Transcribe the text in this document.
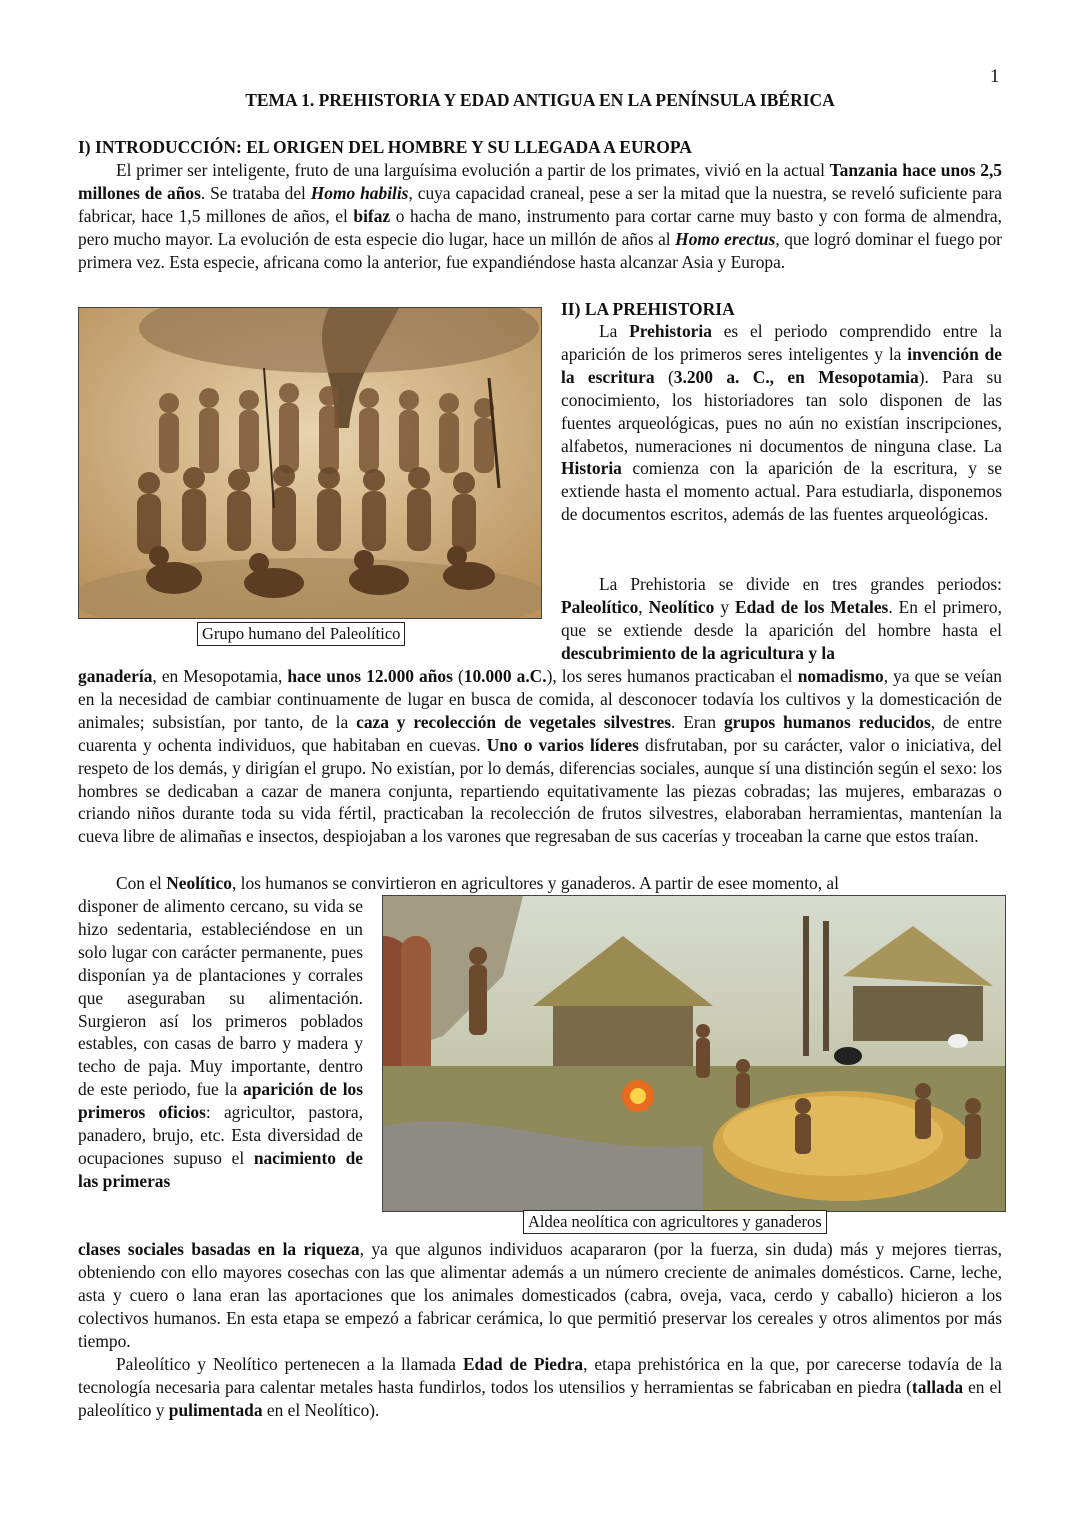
1
TEMA 1. PREHISTORIA Y EDAD ANTIGUA EN LA PENÍNSULA IBÉRICA
I) INTRODUCCIÓN: EL ORIGEN DEL HOMBRE Y SU LLEGADA A EUROPA
El primer ser inteligente, fruto de una larguísima evolución a partir de los primates, vivió en la actual Tanzania hace unos 2,5 millones de años. Se trataba del Homo habilis, cuya capacidad craneal, pese a ser la mitad que la nuestra, se reveló suficiente para fabricar, hace 1,5 millones de años, el bifaz o hacha de mano, instrumento para cortar carne muy basto y con forma de almendra, pero mucho mayor. La evolución de esta especie dio lugar, hace un millón de años al Homo erectus, que logró dominar el fuego por primera vez. Esta especie, africana como la anterior, fue expandiéndose hasta alcanzar Asia y Europa.
Grupo humano del Paleolítico
II) LA PREHISTORIA
La Prehistoria es el periodo comprendido entre la aparición de los primeros seres inteligentes y la invención de la escritura (3.200 a. C., en Mesopotamia). Para su conocimiento, los historiadores tan solo disponen de las fuentes arqueológicas, pues no aún no existían inscripciones, alfabetos, numeraciones ni documentos de ninguna clase. La Historia comienza con la aparición de la escritura, y se extiende hasta el momento actual. Para estudiarla, disponemos de documentos escritos, además de las fuentes arqueológicas.
La Prehistoria se divide en tres grandes periodos: Paleolítico, Neolítico y Edad de los Metales. En el primero, que se extiende desde la aparición del hombre hasta el descubrimiento de la agricultura y la
ganadería, en Mesopotamia, hace unos 12.000 años (10.000 a.C.), los seres humanos practicaban el nomadismo, ya que se veían en la necesidad de cambiar continuamente de lugar en busca de comida, al desconocer todavía los cultivos y la domesticación de animales; subsistían, por tanto, de la caza y recolección de vegetales silvestres. Eran grupos humanos reducidos, de entre cuarenta y ochenta individuos, que habitaban en cuevas. Uno o varios líderes disfrutaban, por su carácter, valor o iniciativa, del respeto de los demás, y dirigían el grupo. No existían, por lo demás, diferencias sociales, aunque sí una distinción según el sexo: los hombres se dedicaban a cazar de manera conjunta, repartiendo equitativamente las piezas cobradas; las mujeres, embarazas o criando niños durante toda su vida fértil, practicaban la recolección de frutos silvestres, elaboraban herramientas, mantenían la cueva libre de alimañas e insectos, despiojaban a los varones que regresaban de sus cacerías y troceaban la carne que estos traían.
Con el Neolítico, los humanos se convirtieron en agricultores y ganaderos. A partir de esee momento, al
disponer de alimento cercano, su vida se hizo sedentaria, estableciéndose en un solo lugar con carácter permanente, pues disponían ya de plantaciones y corrales que aseguraban su alimentación. Surgieron así los primeros poblados estables, con casas de barro y madera y techo de paja. Muy importante, dentro de este periodo, fue la aparición de los primeros oficios: agricultor, pastora, panadero, brujo, etc. Esta diversidad de ocupaciones supuso el nacimiento de las primeras
Aldea neolítica con agricultores y ganaderos
clases sociales basadas en la riqueza, ya que algunos individuos acapararon (por la fuerza, sin duda) más y mejores tierras, obteniendo con ello mayores cosechas con las que alimentar además a un número creciente de animales domésticos. Carne, leche, asta y cuero o lana eran las aportaciones que los animales domesticados (cabra, oveja, vaca, cerdo y caballo) hicieron a los colectivos humanos. En esta etapa se empezó a fabricar cerámica, lo que permitió preservar los cereales y otros alimentos por más tiempo.
Paleolítico y Neolítico pertenecen a la llamada Edad de Piedra, etapa prehistórica en la que, por carecerse todavía de la tecnología necesaria para calentar metales hasta fundirlos, todos los utensilios y herramientas se fabricaban en piedra (tallada en el paleolítico y pulimentada en el Neolítico).
